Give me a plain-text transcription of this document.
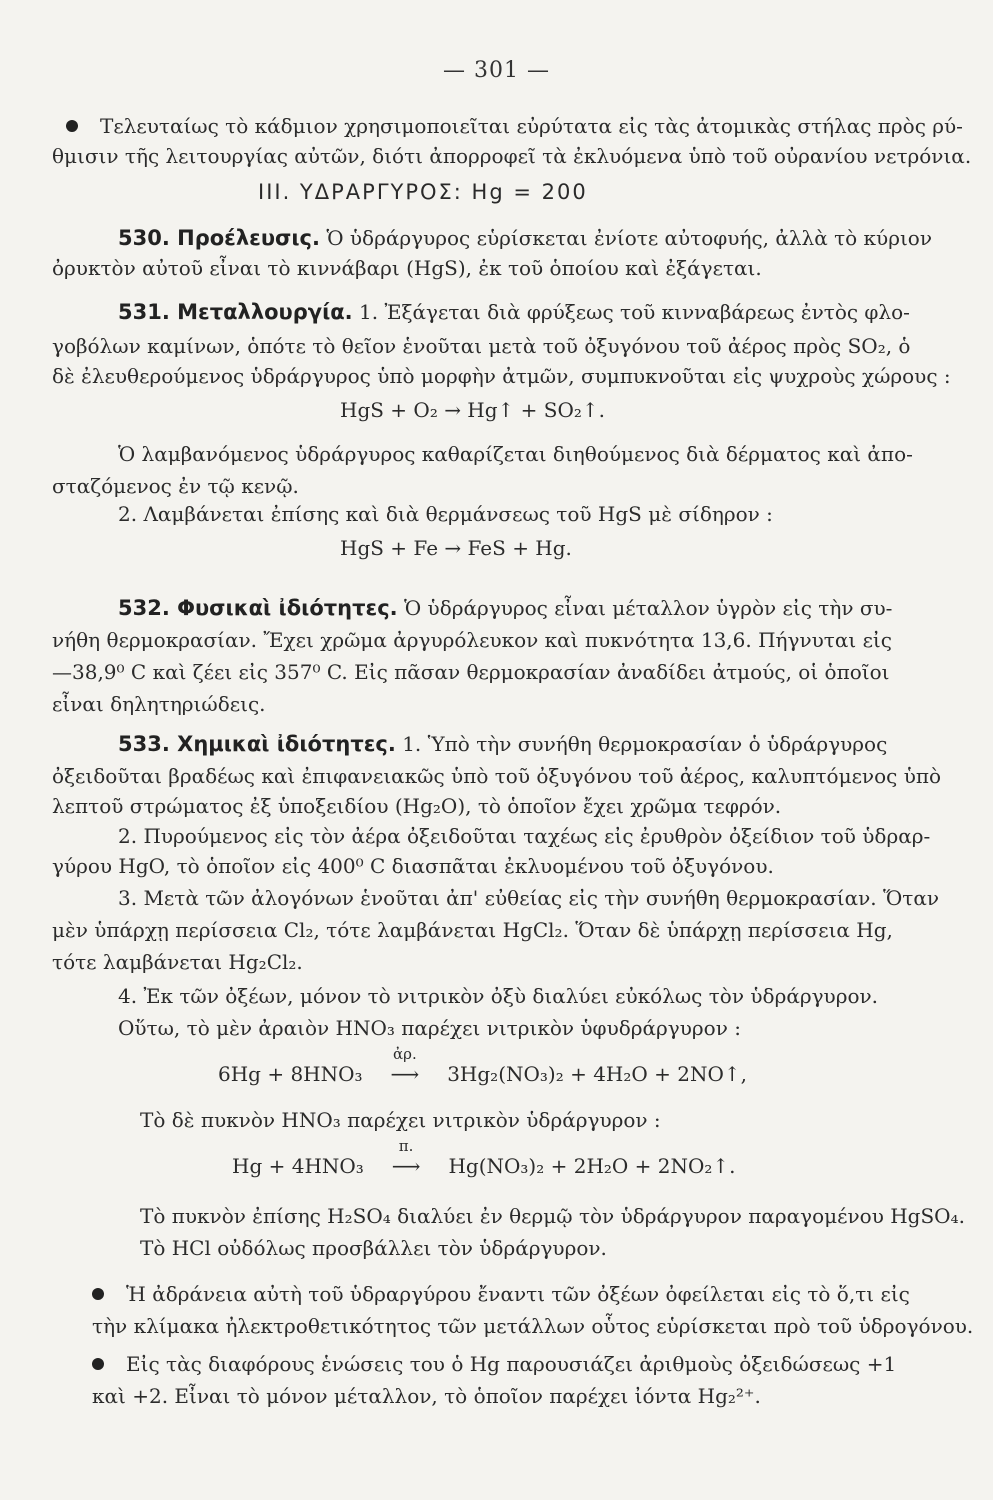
— 301 —
Τελευταίως τὸ κάδμιον χρησιμοποιεῖται εὐρύτατα εἰς τὰς ἀτομικὰς στήλας πρὸς ρύ-
θμισιν τῆς λειτουργίας αὐτῶν, διότι ἀπορροφεῖ τὰ ἐκλυόμενα ὑπὸ τοῦ οὐρανίου νετρόνια.
III. ΥΔΡΑΡΓΥΡΟΣ: Hg = 200
530. Προέλευσις. Ὁ ὑδράργυρος εὑρίσκεται ἐνίοτε αὐτοφυής, ἀλλὰ τὸ κύριον
ὀρυκτὸν αὐτοῦ εἶναι τὸ κιννάβαρι (HgS), ἐκ τοῦ ὁποίου καὶ ἐξάγεται.
531. Μεταλλουργία. 1. Ἐξάγεται διὰ φρύξεως τοῦ κινναβάρεως ἐντὸς φλο-
γοβόλων καμίνων, ὁπότε τὸ θεῖον ἑνοῦται μετὰ τοῦ ὀξυγόνου τοῦ ἀέρος πρὸς SO₂, ὁ
δὲ ἐλευθερούμενος ὑδράργυρος ὑπὸ μορφὴν ἀτμῶν, συμπυκνοῦται εἰς ψυχροὺς χώρους :
HgS + O₂ → Hg↑ + SO₂↑.
Ὁ λαμβανόμενος ὑδράργυρος καθαρίζεται διηθούμενος διὰ δέρματος καὶ ἀπο-
σταζόμενος ἐν τῷ κενῷ.
2. Λαμβάνεται ἐπίσης καὶ διὰ θερμάνσεως τοῦ HgS μὲ σίδηρον :
HgS + Fe → FeS + Hg.
532. Φυσικαὶ ἰδιότητες. Ὁ ὑδράργυρος εἶναι μέταλλον ὑγρὸν εἰς τὴν συ-
νήθη θερμοκρασίαν. Ἔχει χρῶμα ἀργυρόλευκον καὶ πυκνότητα 13,6. Πήγνυται εἰς
—38,9⁰ C καὶ ζέει εἰς 357⁰ C. Εἰς πᾶσαν θερμοκρασίαν ἀναδίδει ἀτμούς, οἱ ὁποῖοι
εἶναι δηλητηριώδεις.
533. Χημικαὶ ἰδιότητες. 1. Ὑπὸ τὴν συνήθη θερμοκρασίαν ὁ ὑδράργυρος
ὀξειδοῦται βραδέως καὶ ἐπιφανειακῶς ὑπὸ τοῦ ὀξυγόνου τοῦ ἀέρος, καλυπτόμενος ὑπὸ
λεπτοῦ στρώματος ἐξ ὑποξειδίου (Hg₂O), τὸ ὁποῖον ἔχει χρῶμα τεφρόν.
2. Πυρούμενος εἰς τὸν ἀέρα ὀξειδοῦται ταχέως εἰς ἐρυθρὸν ὀξείδιον τοῦ ὑδραρ-
γύρου HgO, τὸ ὁποῖον εἰς 400⁰ C διασπᾶται ἐκλυομένου τοῦ ὀξυγόνου.
3. Μετὰ τῶν ἀλογόνων ἑνοῦται ἀπ' εὐθείας εἰς τὴν συνήθη θερμοκρασίαν. Ὅταν
μὲν ὑπάρχῃ περίσσεια Cl₂, τότε λαμβάνεται HgCl₂. Ὅταν δὲ ὑπάρχῃ περίσσεια Hg,
τότε λαμβάνεται Hg₂Cl₂.
4. Ἐκ τῶν ὀξέων, μόνον τὸ νιτρικὸν ὀξὺ διαλύει εὐκόλως τὸν ὑδράργυρον.
Οὕτω, τὸ μὲν ἀραιὸν HNO₃ παρέχει νιτρικὸν ὑφυδράργυρον :
6Hg + 8HNO₃
ἀρ.
⟶ 3Hg₂(NO₃)₂ + 4H₂O + 2NO↑,
Τὸ δὲ πυκνὸν HNO₃ παρέχει νιτρικὸν ὑδράργυρον :
Hg + 4HNO₃
π.
⟶ Hg(NO₃)₂ + 2H₂O + 2NO₂↑.
Τὸ πυκνὸν ἐπίσης H₂SO₄ διαλύει ἐν θερμῷ τὸν ὑδράργυρον παραγομένου HgSO₄.
Τὸ HCl οὐδόλως προσβάλλει τὸν ὑδράργυρον.
Ἡ ἀδράνεια αὐτὴ τοῦ ὑδραργύρου ἔναντι τῶν ὀξέων ὀφείλεται εἰς τὸ ὅ,τι εἰς
τὴν κλίμακα ἠλεκτροθετικότητος τῶν μετάλλων οὗτος εὑρίσκεται πρὸ τοῦ ὑδρογόνου.
Εἰς τὰς διαφόρους ἑνώσεις του ὁ Hg παρουσιάζει ἀριθμοὺς ὀξειδώσεως +1
καὶ +2. Εἶναι τὸ μόνον μέταλλον, τὸ ὁποῖον παρέχει ἰόντα Hg₂²⁺.
